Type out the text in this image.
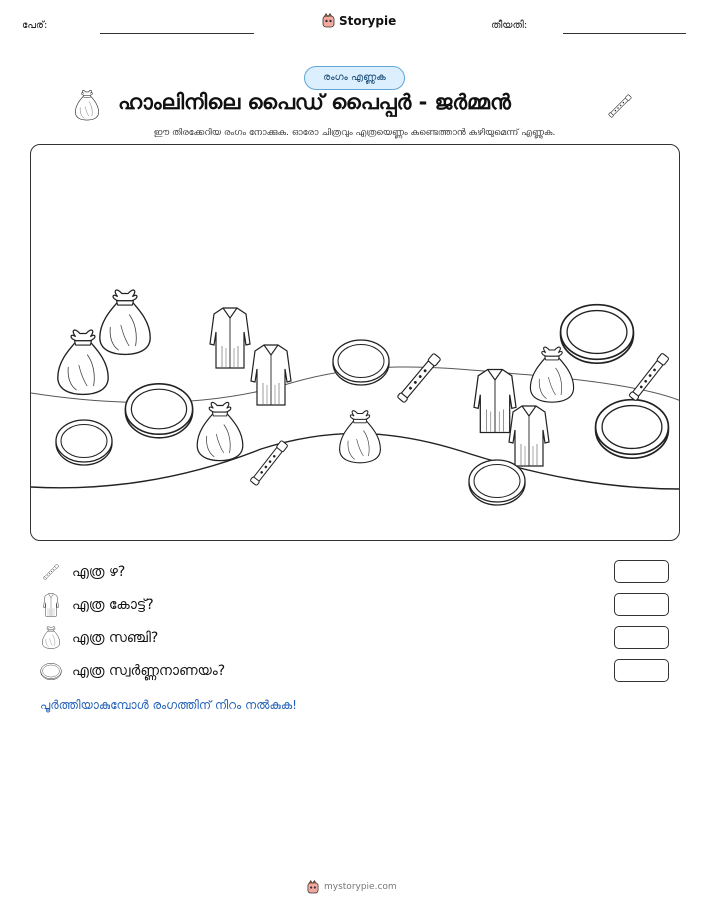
പേര്:	Storypie	തീയതി:
രംഗം എണ്ണുക
ഹാംലിനിലെ പൈഡ് പൈപ്പർ - ജർമ്മൻ
ഈ തിരക്കേറിയ രംഗം നോക്കുക. ഓരോ ചിത്രവും എത്രയെണ്ണം കണ്ടെത്താൻ കഴിയുമെന്ന് എണ്ണുക.
എത്ര ഴ?
എത്ര കോട്ട്?
എത്ര സഞ്ചി?
എത്ര സ്വർണ്ണനാണയം?
പൂർത്തിയാകുമ്പോൾ രംഗത്തിന് നിറം നൽകുക!
mystorypie.com
